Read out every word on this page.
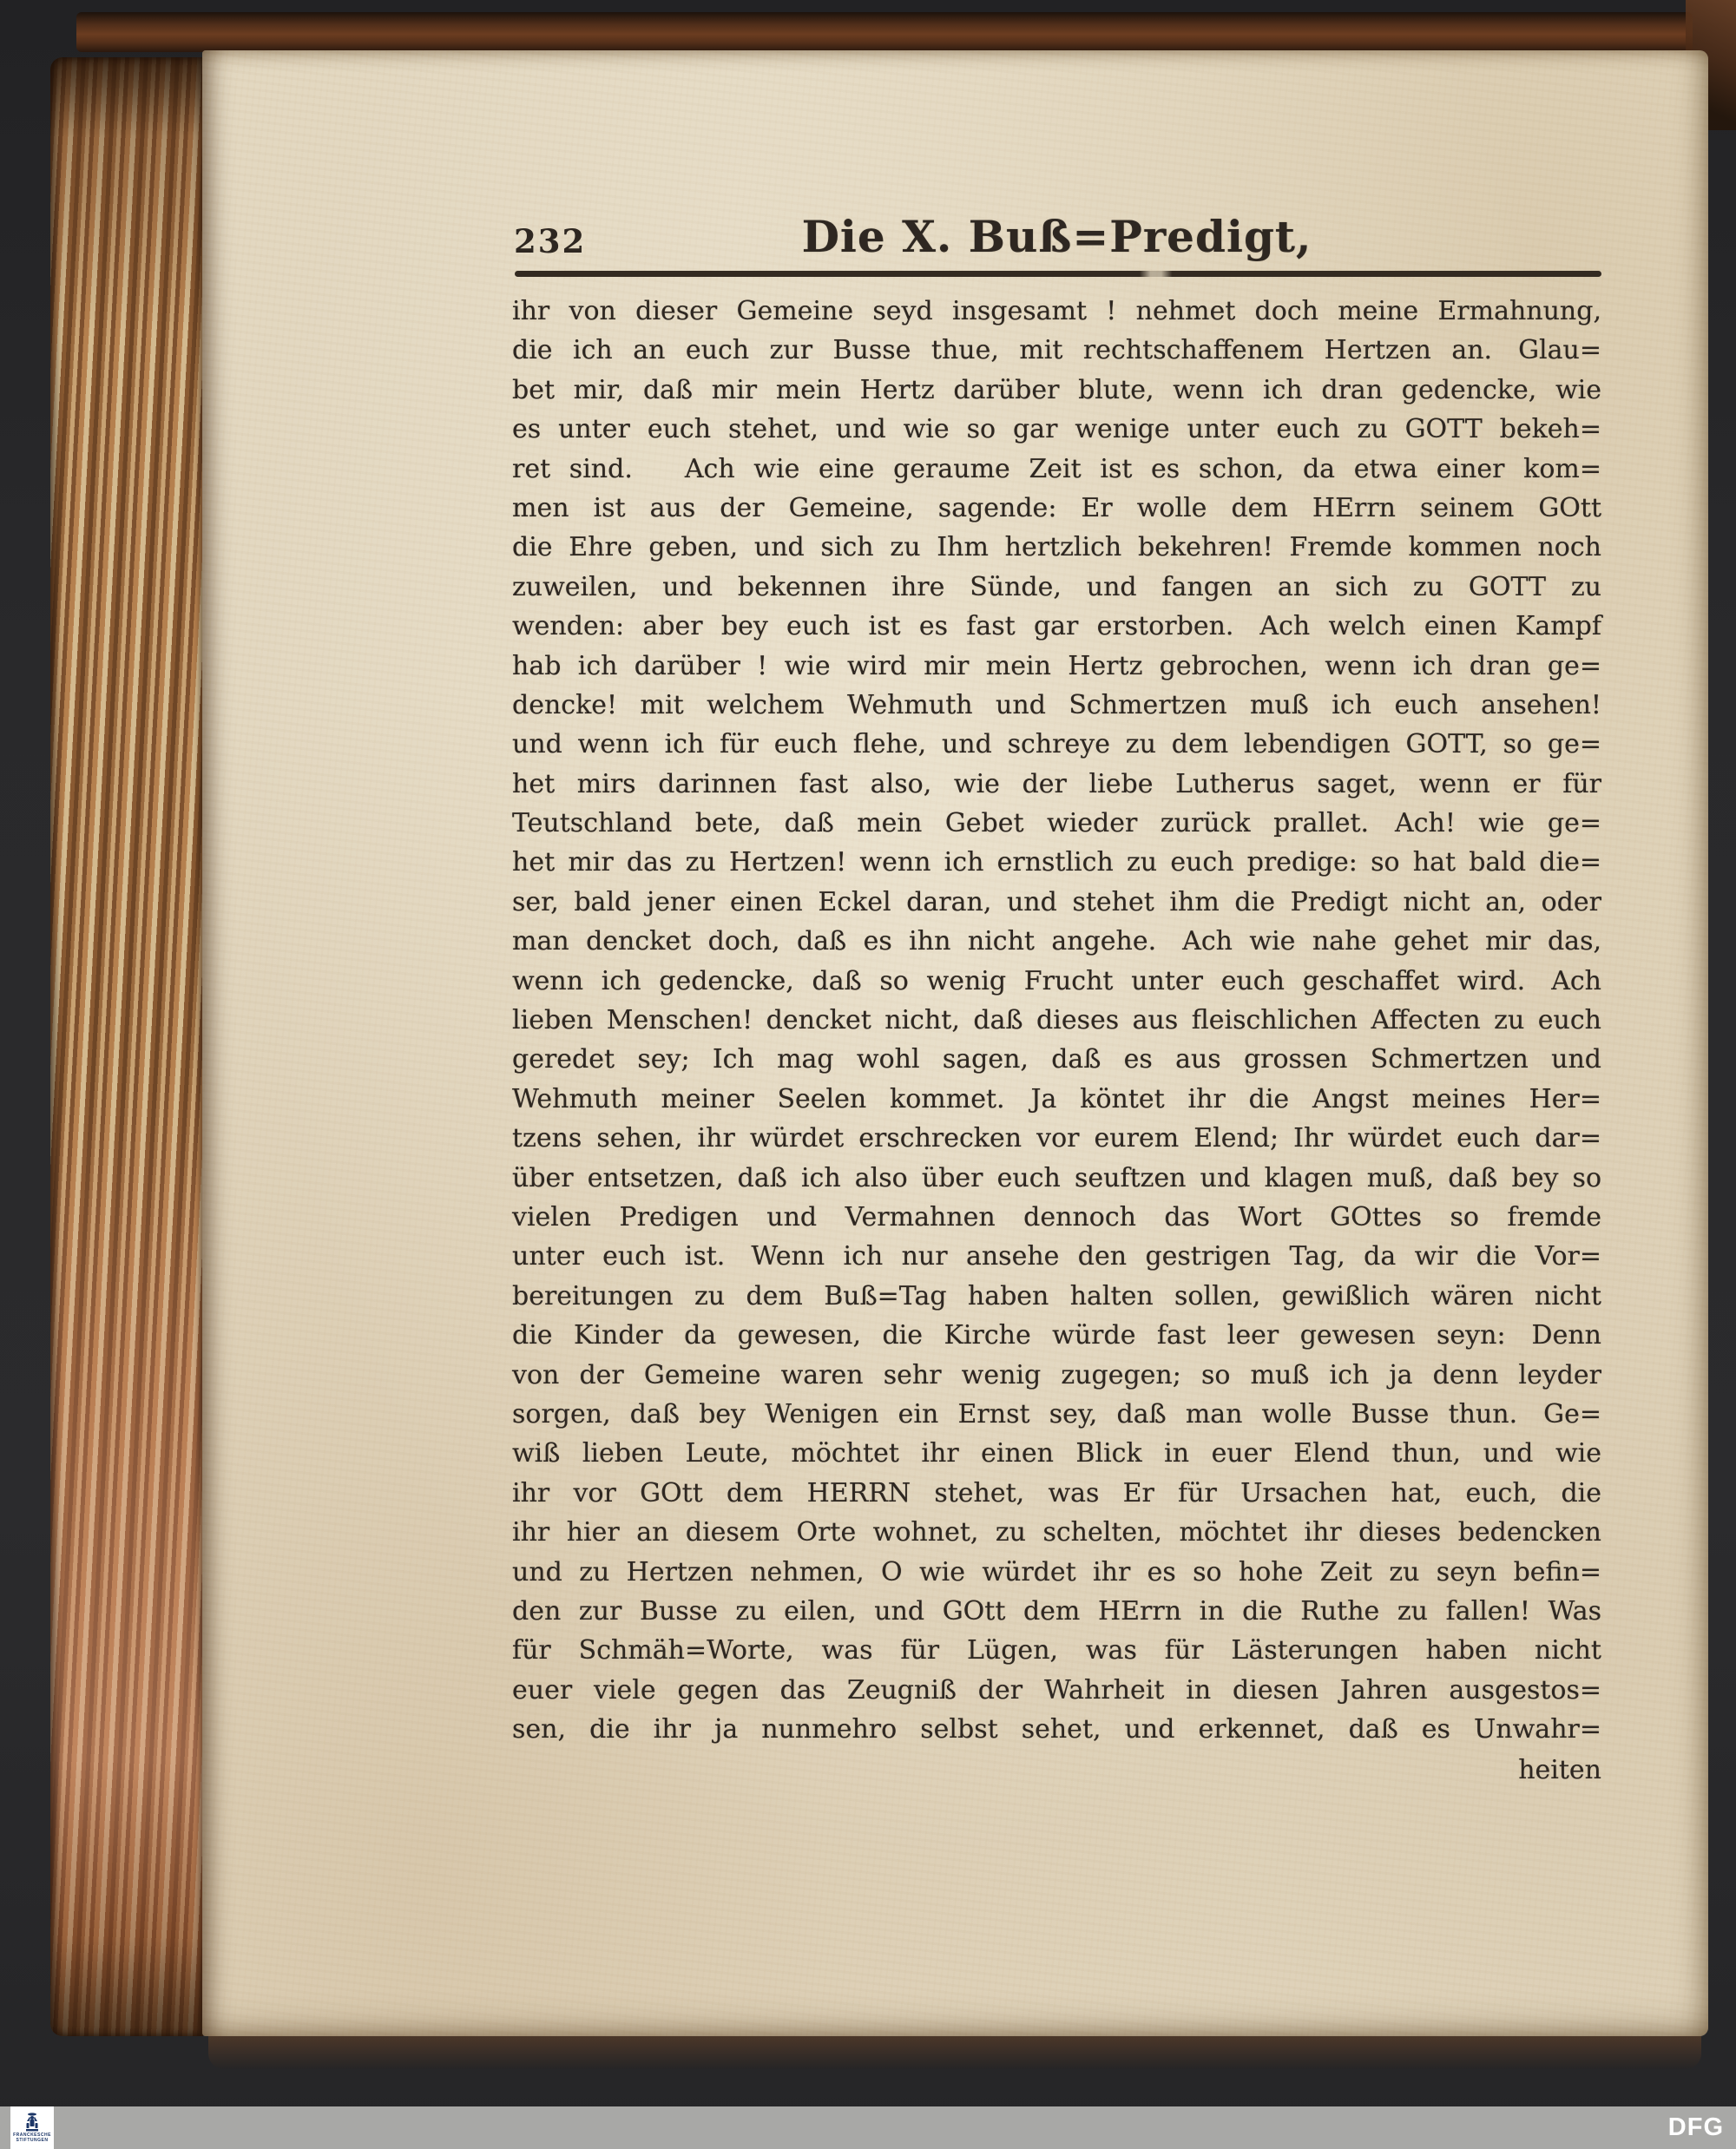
232	Die X. Buß=Predigt,
ihr von dieser Gemeine seyd insgesamt ! nehmet doch meine Ermahnung,
die ich an euch zur Busse thue, mit rechtschaffenem Hertzen an. Glau=
bet mir, daß mir mein Hertz darüber blute, wenn ich dran gedencke, wie
es unter euch stehet, und wie so gar wenige unter euch zu GOTT bekeh=
ret sind.  Ach wie eine geraume Zeit ist es schon, da etwa einer kom=
men ist aus der Gemeine, sagende: Er wolle dem HErrn seinem GOtt
die Ehre geben, und sich zu Ihm hertzlich bekehren! Fremde kommen noch
zuweilen, und bekennen ihre Sünde, und fangen an sich zu GOTT zu
wenden: aber bey euch ist es fast gar erstorben. Ach welch einen Kampf
hab ich darüber ! wie wird mir mein Hertz gebrochen, wenn ich dran ge=
dencke! mit welchem Wehmuth und Schmertzen muß ich euch ansehen!
und wenn ich für euch flehe, und schreye zu dem lebendigen GOTT, so ge=
het mirs darinnen fast also, wie der liebe Lutherus saget, wenn er für
Teutschland bete, daß mein Gebet wieder zurück prallet. Ach! wie ge=
het mir das zu Hertzen! wenn ich ernstlich zu euch predige: so hat bald die=
ser, bald jener einen Eckel daran, und stehet ihm die Predigt nicht an, oder
man dencket doch, daß es ihn nicht angehe. Ach wie nahe gehet mir das,
wenn ich gedencke, daß so wenig Frucht unter euch geschaffet wird. Ach
lieben Menschen! dencket nicht, daß dieses aus fleischlichen Affecten zu euch
geredet sey; Ich mag wohl sagen, daß es aus grossen Schmertzen und
Wehmuth meiner Seelen kommet. Ja köntet ihr die Angst meines Her=
tzens sehen, ihr würdet erschrecken vor eurem Elend; Ihr würdet euch dar=
über entsetzen, daß ich also über euch seuftzen und klagen muß, daß bey so
vielen Predigen und Vermahnen dennoch das Wort GOttes so fremde
unter euch ist. Wenn ich nur ansehe den gestrigen Tag, da wir die Vor=
bereitungen zu dem Buß=Tag haben halten sollen, gewißlich wären nicht
die Kinder da gewesen, die Kirche würde fast leer gewesen seyn: Denn
von der Gemeine waren sehr wenig zugegen; so muß ich ja denn leyder
sorgen, daß bey Wenigen ein Ernst sey, daß man wolle Busse thun. Ge=
wiß lieben Leute, möchtet ihr einen Blick in euer Elend thun, und wie
ihr vor GOtt dem HERRN stehet, was Er für Ursachen hat, euch, die
ihr hier an diesem Orte wohnet, zu schelten, möchtet ihr dieses bedencken
und zu Hertzen nehmen, O wie würdet ihr es so hohe Zeit zu seyn befin=
den zur Busse zu eilen, und GOtt dem HErrn in die Ruthe zu fallen! Was
für Schmäh=Worte, was für Lügen, was für Lästerungen haben nicht
euer viele gegen das Zeugniß der Wahrheit in diesen Jahren ausgestos=
sen, die ihr ja nunmehro selbst sehet, und erkennet, daß es Unwahr=
heiten
FRANCKESCHE
STIFTUNGEN	DFG
